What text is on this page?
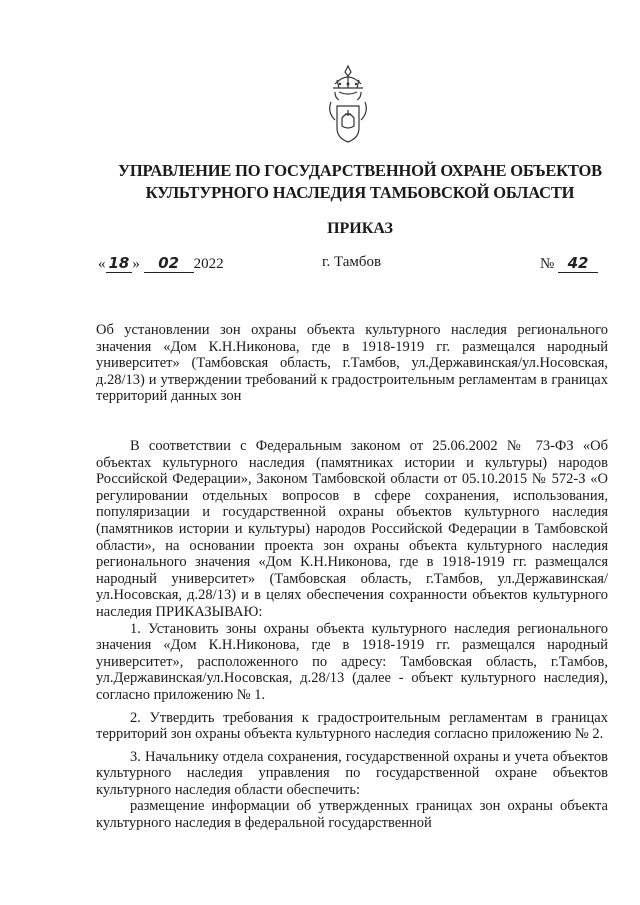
УПРАВЛЕНИЕ ПО ГОСУДАРСТВЕННОЙ ОХРАНЕ ОБЪЕКТОВ
КУЛЬТУРНОГО НАСЛЕДИЯ ТАМБОВСКОЙ ОБЛАСТИ
ПРИКАЗ
« 18 » 02 2022	г. Тамбов	№ 42
Об установлении зон охраны объекта культурного наследия регионального значения «Дом К.Н.Никонова, где в 1918-1919 гг. размещался народный университет» (Тамбовская область, г.Тамбов, ул.Державинская/ул.Носовская, д.28/13) и утверждении требований к градостроительным регламентам в границах территорий данных зон

В соответствии с Федеральным законом от 25.06.2002 № 73-ФЗ «Об объектах культурного наследия (памятниках истории и культуры) народов Российской Федерации», Законом Тамбовской области от 05.10.2015 № 572-З «О регулировании отдельных вопросов в сфере сохранения, использования, популяризации и государственной охраны объектов культурного наследия (памятников истории и культуры) народов Российской Федерации в Тамбовской области», на основании проекта зон охраны объекта культурного наследия регионального значения «Дом К.Н.Никонова, где в 1918-1919 гг. размещался народный университет» (Тамбовская область, г.Тамбов, ул.Державинская/ул.Носовская, д.28/13) и в целях обеспечения сохранности объектов культурного наследия ПРИКАЗЫВАЮ:

1. Установить зоны охраны объекта культурного наследия регионального значения «Дом К.Н.Никонова, где в 1918-1919 гг. размещался народный университет», расположенного по адресу: Тамбовская область, г.Тамбов, ул.Державинская/ул.Носовская, д.28/13 (далее - объект культурного наследия), согласно приложению № 1.

2. Утвердить требования к градостроительным регламентам в границах территорий зон охраны объекта культурного наследия согласно приложению № 2.

3. Начальнику отдела сохранения, государственной охраны и учета объектов культурного наследия управления по государственной охране объектов культурного наследия области обеспечить:

размещение информации об утвержденных границах зон охраны объекта культурного наследия в федеральной государственной
